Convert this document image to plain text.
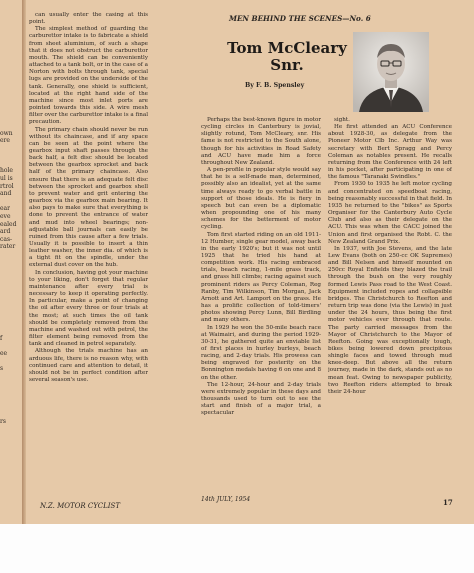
own
ere

hole
ul is
rtrol
and

ear
eve
ealed
ard
cas-
rater

f

ee

s

rs

can usually enter the casing at this point.

The simplest method of guarding the carburettor intake is to fabricate a shield from sheet aluminium, of such a shape that it does not obstruct the carburettor mouth. The shield can be conveniently attached to a tank bolt, or in the case of a Norton with bolts through tank, special lugs are provided on the underside of the tank. Generally, one shield is sufficient, located at the right hand side of the machine since most inlet ports are pointed towards this side. A wire mesh filter over the carburettor intake is a final precaution.

The primary chain should never be run without its chaincase, and if any space can be seen at the point where the gearbox input shaft passes through the back half, a felt disc should be located between the gearbox sprocket and back half of the primary chaincase. Also ensure that there is an adequate felt disc between the sprocket and gearbox shell to prevent water and grit entering the gearbox via the gearbox main bearing. It also pays to make sure that everything is done to prevent the entrance of water and mud into wheel bearings; non-adjustable ball journals can easily be ruined from this cause after a few trials. Usually it is possible to insert a thin leather washer, the inner dia. of which is a tight fit on the spindle, under the external dust cover on the hub.

In conclusion, having got your machine to your liking, don't forget that regular maintenance after every trial is necessary to keep it operating perfectly. In particular, make a point of changing the oil after every three or four trials at the most; at such times the oil tank should be completely removed from the machine and washed out with petrol, the filter element being removed from the tank and cleaned in petrol separately.

Although the trials machine has an arduous life, there is no reason why, with continued care and attention to detail, it should not be in perfect condition after several season's use.

MEN BEHIND THE SCENES—No. 6
Tom McCleary
Snr.
By F. B. Spensley

Perhaps the best-known figure in motor cycling circles in Canterbury is jovial, slightly rotund, Tom McCleary, snr. His fame is not restricted to the South alone, though for his activities in Road Safety and ACU have made him a force throughout New Zealand.

A pen-profile in popular style would say that he is a self-made man, determined, possibly also an idealist, yet at the same time always ready to go verbal battle in support of those ideals. He is fiery in speech but can even be a diplomatic when propounding one of his many schemes for the betterment of motor cycling.

Tom first started riding on an old 1911-12 Humber, single gear model, away back in the early 1920's; but it was not until 1925 that he tried his hand at competition work. His racing embraced trials, beach racing, 1-mile grass track, and grass hill climbs; racing against such prominent riders as Percy Coleman, Reg Ranby, Tim Wilkinson, Tim Morgan, Jack Arnott and Art. Lamport on the grass. He has a prolific collection of told-timers' photos showing Percy Lunn, Bill Birdling and many others.

In 1929 he won the 50-mile beach race at Waimairi, and during the period 1929-30-31, he gathered quite an enviable list of first places in hurley burleys, beach racing, and 2-day trials. His prowess can being engraved for posterity on the Bonnington medals having 6 on one and 8 on the other.

The 12-hour, 24-hour and 2-day trials were extremely popular in these days and thousands used to turn out to see the start and finish of a major trial, a spectacular

sight.

He first attended an ACU Conference about 1928-30, as delegate from the Pioneer Motor Clb Inc. Arthur Way was secretary with Bert Spragg and Percy Coleman as notables present. He recalls returning from the Conference with 24 left in his pocket, after participating in one of the famous "Taranaki Swindles."

From 1930 to 1935 he left motor cycling and concentrated on speedboat racing, being reasonably successful in that field. In 1935 he returned to the "bikes" as Sports Organiser for the Canterbury Auto Cycle Club and also as their delegate on the ACU. This was when the CACC joined the Union and first organised the Robt. C. the New Zealand Grand Prix.

In 1937, with Joe Stevens, and the late Lew Evans (both on 250-cc OK Supremes) and Bill Nelsen and himself mounted on 250cc Royal Enfields they blazed the trail through the bush on the very roughly formed Lewis Pass road to the West Coast. Equipment included ropes and collapsible bridges. The Christchurch to Reefton and return trip was done (via the Lewis) in just under the 24 hours, thus being the first motor vehicles ever through that route. The party carried messages from the Mayor of Christchurch to the Mayor of Reefton. Going was exceptionally tough, bikes being lowered down precipitous shingle faces and towed through mud knee-deep. But above all the return journey, made in the dark, stands out as no mean feat. Owing to newspaper publicity, two Reefton riders attempted to break their 24-hour

N.Z. MOTOR CYCLIST
14th JULY, 1954	17
